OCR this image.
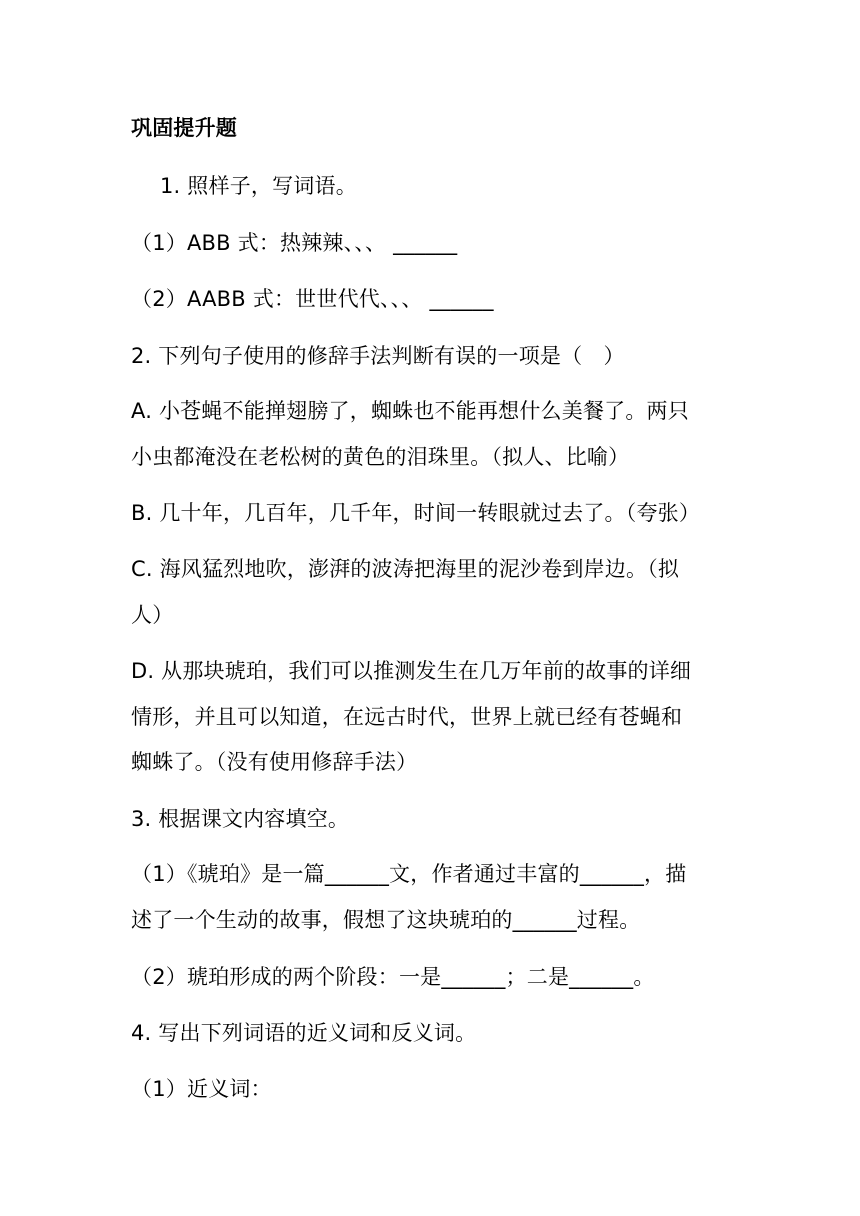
巩固提升题
1. 照样子，写词语。
（1）ABB 式：热辣辣、、、 ______
（2）AABB 式：世世代代、、、 ______
2. 下列句子使用的修辞手法判断有误的一项是（　）
A. 小苍蝇不能掸翅膀了，蜘蛛也不能再想什么美餐了。两只
小虫都淹没在老松树的黄色的泪珠里。（拟人、比喻）
B. 几十年，几百年，几千年，时间一转眼就过去了。（夸张）
C. 海风猛烈地吹，澎湃的波涛把海里的泥沙卷到岸边。（拟
人）
D. 从那块琥珀，我们可以推测发生在几万年前的故事的详细
情形，并且可以知道，在远古时代，世界上就已经有苍蝇和
蜘蛛了。（没有使用修辞手法）
3. 根据课文内容填空。
（1）《琥珀》是一篇______文，作者通过丰富的______，描
述了一个生动的故事，假想了这块琥珀的______过程。
（2）琥珀形成的两个阶段：一是______；二是______。
4. 写出下列词语的近义词和反义词。
（1）近义词：
